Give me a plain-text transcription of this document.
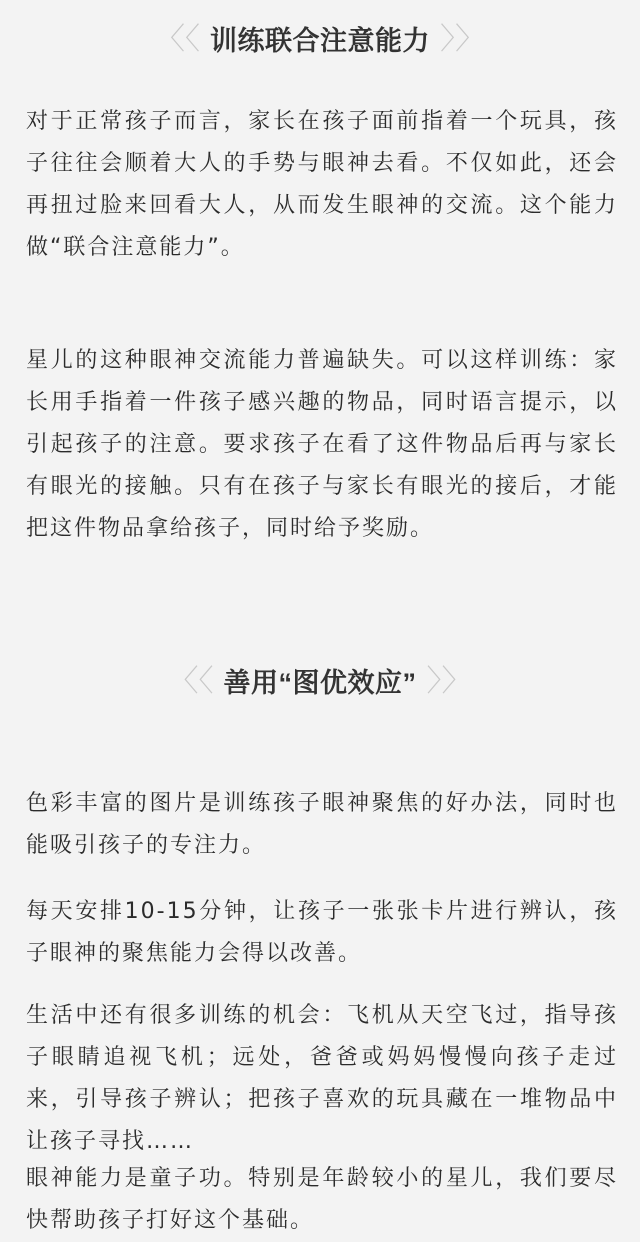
〈〈 训练联合注意能力 〉〉

对于正常孩子而言，家长在孩子面前指着一个玩具，孩子往往会顺着大人的手势与眼神去看。不仅如此，还会再扭过脸来回看大人，从而发生眼神的交流。这个能力做“联合注意能力”。

星儿的这种眼神交流能力普遍缺失。可以这样训练：家长用手指着一件孩子感兴趣的物品，同时语言提示，以引起孩子的注意。要求孩子在看了这件物品后再与家长有眼光的接触。只有在孩子与家长有眼光的接后，才能把这件物品拿给孩子，同时给予奖励。

〈〈 善用“图优效应” 〉〉

色彩丰富的图片是训练孩子眼神聚焦的好办法，同时也能吸引孩子的专注力。

每天安排10-15分钟，让孩子一张张卡片进行辨认，孩子眼神的聚焦能力会得以改善。

生活中还有很多训练的机会：飞机从天空飞过，指导孩子眼睛追视飞机；远处，爸爸或妈妈慢慢向孩子走过来，引导孩子辨认；把孩子喜欢的玩具藏在一堆物品中让孩子寻找……

眼神能力是童子功。特别是年龄较小的星儿，我们要尽快帮助孩子打好这个基础。
